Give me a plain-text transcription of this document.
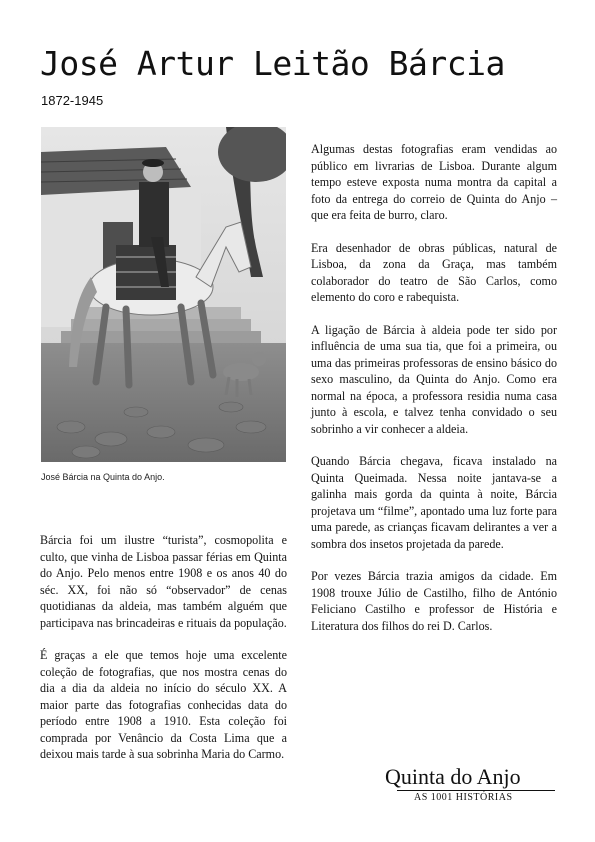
José Artur Leitão Bárcia
1872-1945
José Bárcia na Quinta do Anjo.

Bárcia foi um ilustre “turista”, cosmopolita e culto, que vinha de Lisboa passar férias em Quinta do Anjo. Pelo menos entre 1908 e os anos 40 do séc. XX, foi não só “observador” de cenas quotidianas da aldeia, mas também alguém que participava nas brincadeiras e rituais da população.

É graças a ele que temos hoje uma excelente coleção de fotografias, que nos mostra cenas do dia a dia da aldeia no início do século XX. A maior parte das fotografias conhecidas data do período entre 1908 a 1910. Esta coleção foi comprada por Venâncio da Costa Lima que a deixou mais tarde à sua sobrinha Maria do Carmo.

Algumas destas fotografias eram vendidas ao público em livrarias de Lisboa. Durante algum tempo esteve exposta numa montra da capital a foto da entrega do correio de Quinta do Anjo – que era feita de burro, claro.

Era desenhador de obras públicas, natural de Lisboa, da zona da Graça, mas também colaborador do teatro de São Carlos, como elemento do coro e rabequista.

A ligação de Bárcia à aldeia pode ter sido por influência de uma sua tia, que foi a primeira, ou uma das primeiras professoras de ensino básico do sexo masculino, da Quinta do Anjo. Como era normal na época, a professora residia numa casa junto à escola, e talvez tenha convidado o seu sobrinho a vir conhecer a aldeia.

Quando Bárcia chegava, ficava instalado na Quinta Queimada. Nessa noite jantava-se a galinha mais gorda da quinta à noite, Bárcia projetava um “filme”, apontado uma luz forte para uma parede, as crianças ficavam delirantes a ver a sombra dos insetos projetada da parede.

Por vezes Bárcia trazia amigos da cidade. Em 1908 trouxe Júlio de Castilho, filho de António Feliciano Castilho e professor de História e Literatura dos filhos do rei D. Carlos.

Quinta do Anjo
AS 1001 HISTÓRIAS
